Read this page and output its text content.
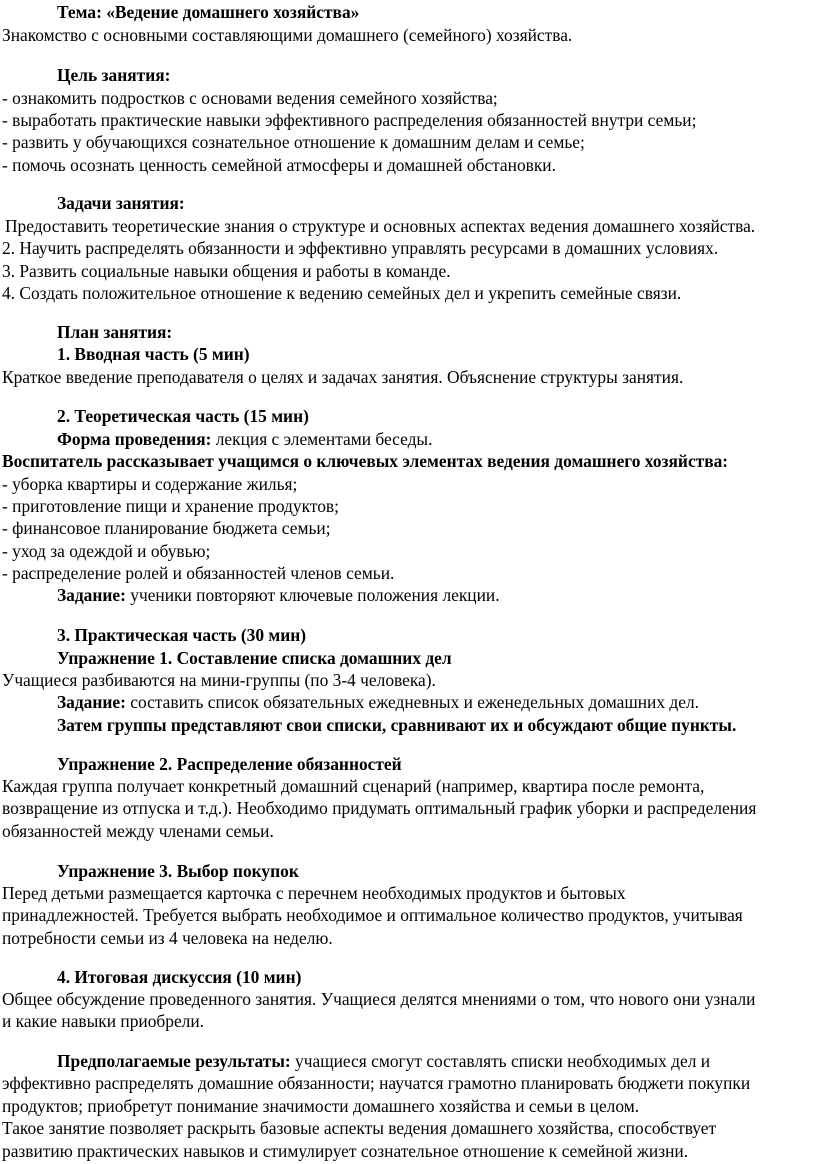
Тема: «Ведение домашнего хозяйства»
Знакомство с основными составляющими домашнего (семейного) хозяйства.
Цель занятия:
- ознакомить подростков с основами ведения семейного хозяйства;
- выработать практические навыки эффективного распределения обязанностей внутри семьи;
- развить у обучающихся сознательное отношение к домашним делам и семье;
- помочь осознать ценность семейной атмосферы и домашней обстановки.
Задачи занятия:
Предоставить теоретические знания о структуре и основных аспектах ведения домашнего хозяйства.
2. Научить распределять обязанности и эффективно управлять ресурсами в домашних условиях.
3. Развить социальные навыки общения и работы в команде.
4. Создать положительное отношение к ведению семейных дел и укрепить семейные связи.
План занятия:
1. Вводная часть (5 мин)
Краткое введение преподавателя о целях и задачах занятия. Объяснение структуры занятия.
2. Теоретическая часть (15 мин)
Форма проведения: лекция с элементами беседы.
Воспитатель рассказывает учащимся о ключевых элементах ведения домашнего хозяйства:
- уборка квартиры и содержание жилья;
- приготовление пищи и хранение продуктов;
- финансовое планирование бюджета семьи;
- уход за одеждой и обувью;
- распределение ролей и обязанностей членов семьи.
Задание: ученики повторяют ключевые положения лекции.
3. Практическая часть (30 мин)
Упражнение 1. Составление списка домашних дел
Учащиеся разбиваются на мини-группы (по 3-4 человека).
Задание: составить список обязательных ежедневных и еженедельных домашних дел.
Затем группы представляют свои списки, сравнивают их и обсуждают общие пункты.
Упражнение 2. Распределение обязанностей
Каждая группа получает конкретный домашний сценарий (например, квартира после ремонта,
возвращение из отпуска и т.д.). Необходимо придумать оптимальный график уборки и распределения
обязанностей между членами семьи.
Упражнение 3. Выбор покупок
Перед детьми размещается карточка с перечнем необходимых продуктов и бытовых
принадлежностей. Требуется выбрать необходимое и оптимальное количество продуктов, учитывая
потребности семьи из 4 человека на неделю.
4. Итоговая дискуссия (10 мин)
Общее обсуждение проведенного занятия. Учащиеся делятся мнениями о том, что нового они узнали
и какие навыки приобрели.
Предполагаемые результаты: учащиеся смогут составлять списки необходимых дел и
эффективно распределять домашние обязанности; научатся грамотно планировать бюджети покупки
продуктов; приобретут понимание значимости домашнего хозяйства и семьи в целом.
Такое занятие позволяет раскрыть базовые аспекты ведения домашнего хозяйства, способствует
развитию практических навыков и стимулирует сознательное отношение к семейной жизни.
